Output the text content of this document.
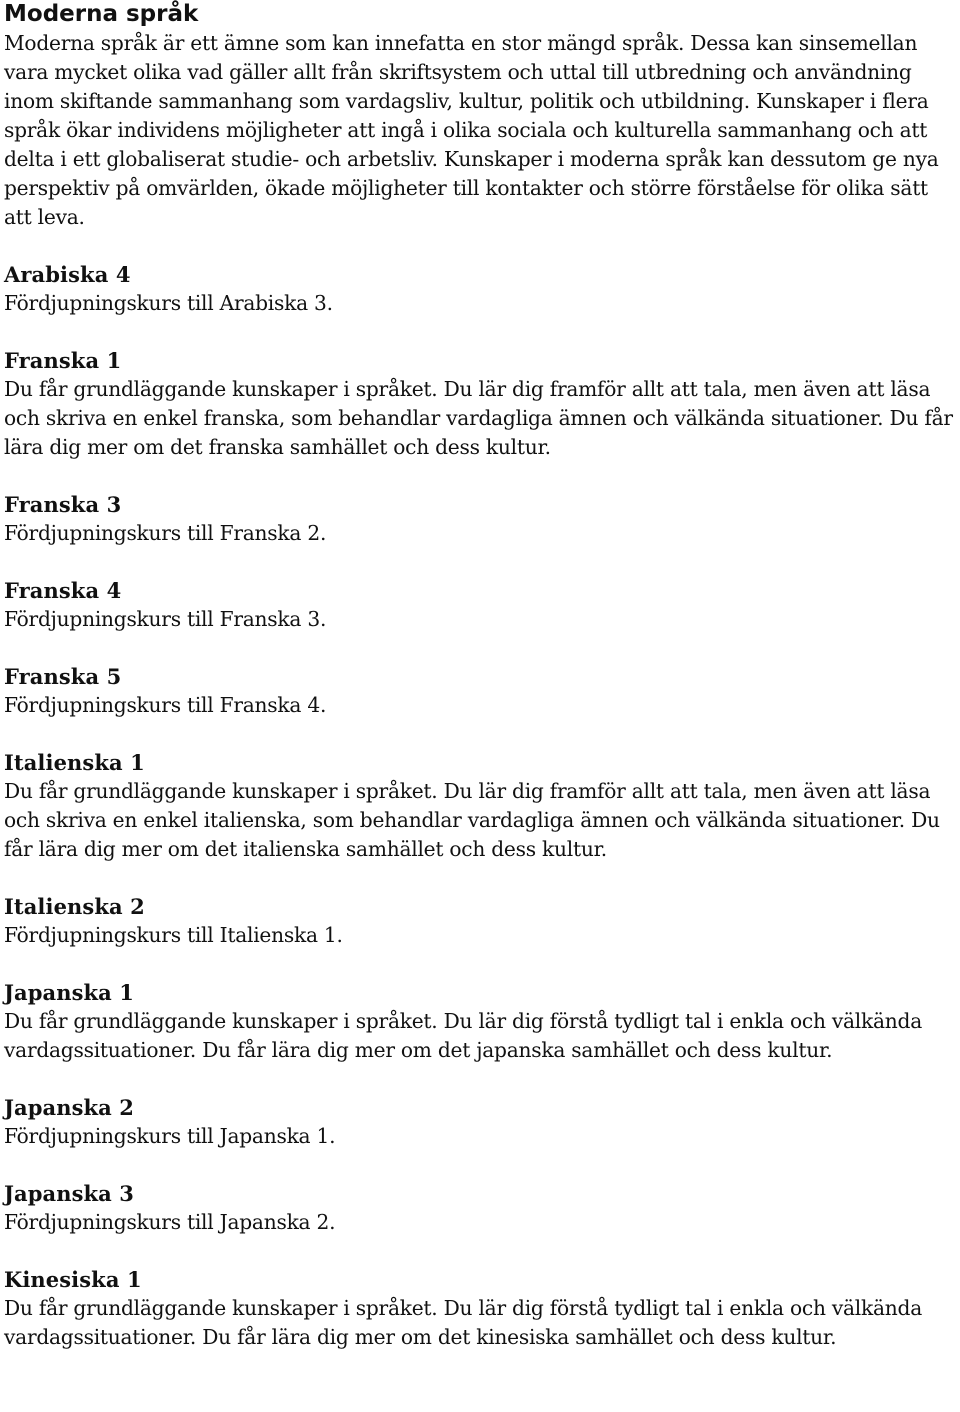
Moderna språk

Moderna språk är ett ämne som kan innefatta en stor mängd språk. Dessa kan sinsemellan vara mycket olika vad gäller allt från skriftsystem och uttal till utbredning och användning inom skiftande sammanhang som vardagsliv, kultur, politik och utbildning. Kunskaper i flera språk ökar individens möjligheter att ingå i olika sociala och kulturella sammanhang och att delta i ett globaliserat studie- och arbetsliv. Kunskaper i moderna språk kan dessutom ge nya perspektiv på omvärlden, ökade möjligheter till kontakter och större förståelse för olika sätt att leva.

Arabiska 4

Fördjupningskurs till Arabiska 3.

Franska 1

Du får grundläggande kunskaper i språket. Du lär dig framför allt att tala, men även att läsa och skriva en enkel franska, som behandlar vardagliga ämnen och välkända situationer. Du får lära dig mer om det franska samhället och dess kultur.

Franska 3

Fördjupningskurs till Franska 2.

Franska 4

Fördjupningskurs till Franska 3.

Franska 5

Fördjupningskurs till Franska 4.

Italienska 1

Du får grundläggande kunskaper i språket. Du lär dig framför allt att tala, men även att läsa och skriva en enkel italienska, som behandlar vardagliga ämnen och välkända situationer. Du får lära dig mer om det italienska samhället och dess kultur.

Italienska 2

Fördjupningskurs till Italienska 1.

Japanska 1

Du får grundläggande kunskaper i språket. Du lär dig förstå tydligt tal i enkla och välkända vardagssituationer. Du får lära dig mer om det japanska samhället och dess kultur.

Japanska 2

Fördjupningskurs till Japanska 1.

Japanska 3

Fördjupningskurs till Japanska 2.

Kinesiska 1

Du får grundläggande kunskaper i språket. Du lär dig förstå tydligt tal i enkla och välkända vardagssituationer. Du får lära dig mer om det kinesiska samhället och dess kultur.
